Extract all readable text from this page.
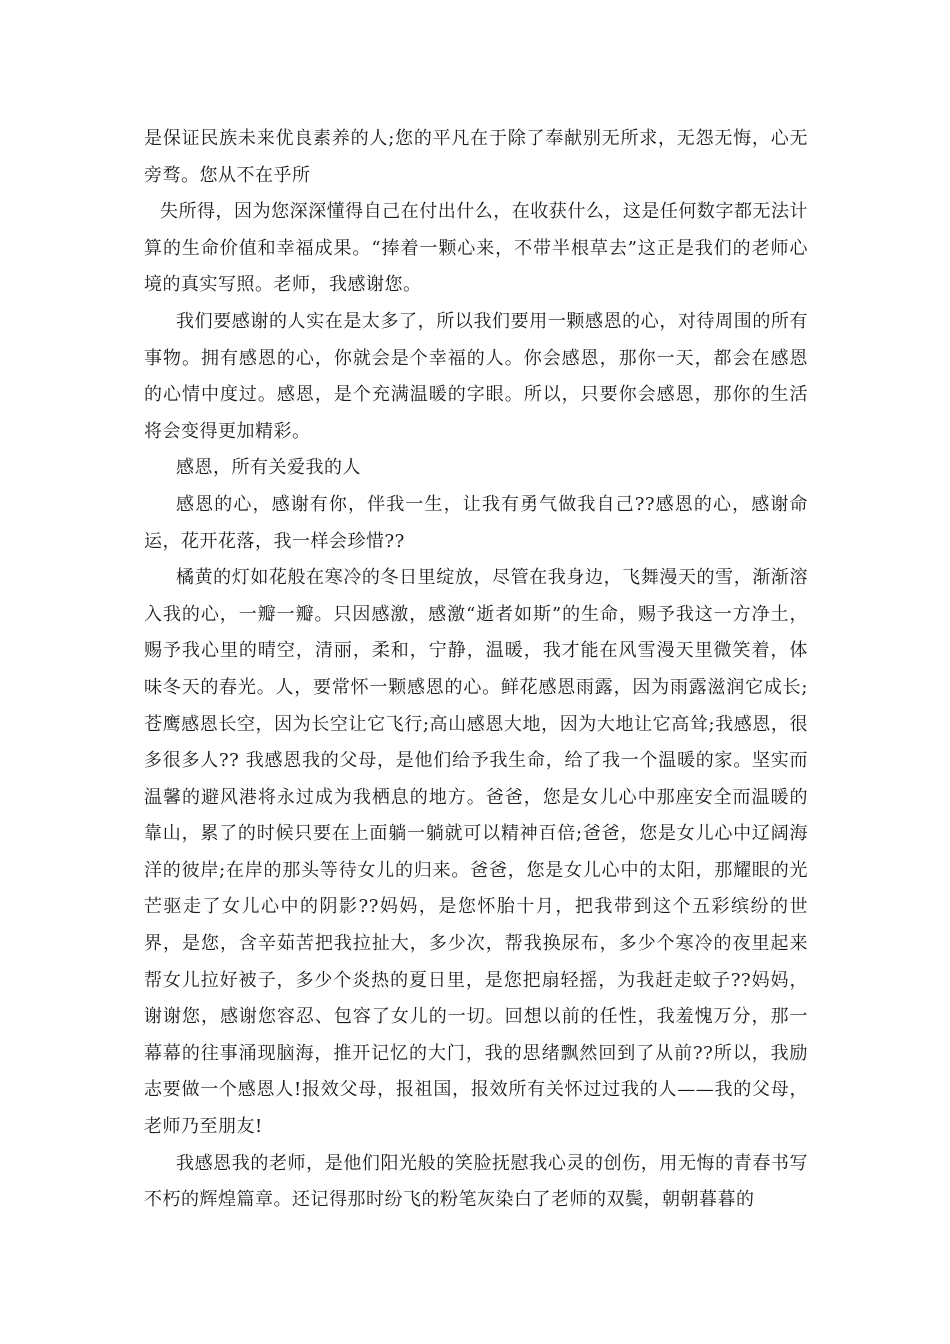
是保证民族未来优良素养的人;您的平凡在于除了奉献别无所求，无怨无悔，心无旁骛。您从不在乎所

失所得，因为您深深懂得自己在付出什么，在收获什么，这是任何数字都无法计算的生命价值和幸福成果。“捧着一颗心来，不带半根草去”这正是我们的老师心境的真实写照。老师，我感谢您。

我们要感谢的人实在是太多了，所以我们要用一颗感恩的心，对待周围的所有事物。拥有感恩的心，你就会是个幸福的人。你会感恩，那你一天，都会在感恩的心情中度过。感恩，是个充满温暖的字眼。所以，只要你会感恩，那你的生活将会变得更加精彩。

感恩，所有关爱我的人

感恩的心，感谢有你，伴我一生，让我有勇气做我自己??感恩的心，感谢命运，花开花落，我一样会珍惜??

橘黄的灯如花般在寒冷的冬日里绽放，尽管在我身边，飞舞漫天的雪，渐渐溶入我的心，一瓣一瓣。只因感激，感激“逝者如斯”的生命，赐予我这一方净土，赐予我心里的晴空，清丽，柔和，宁静，温暖，我才能在风雪漫天里微笑着，体味冬天的春光。人，要常怀一颗感恩的心。鲜花感恩雨露，因为雨露滋润它成长;苍鹰感恩长空，因为长空让它飞行;高山感恩大地，因为大地让它高耸;我感恩，很多很多人?? 我感恩我的父母，是他们给予我生命，给了我一个温暖的家。坚实而温馨的避风港将永过成为我栖息的地方。爸爸，您是女儿心中那座安全而温暖的靠山，累了的时候只要在上面躺一躺就可以精神百倍;爸爸，您是女儿心中辽阔海洋的彼岸;在岸的那头等待女儿的归来。爸爸，您是女儿心中的太阳，那耀眼的光芒驱走了女儿心中的阴影??妈妈，是您怀胎十月，把我带到这个五彩缤纷的世界，是您，含辛茹苦把我拉扯大，多少次，帮我换尿布，多少个寒冷的夜里起来帮女儿拉好被子，多少个炎热的夏日里，是您把扇轻摇，为我赶走蚊子??妈妈，谢谢您，感谢您容忍、包容了女儿的一切。回想以前的任性，我羞愧万分，那一幕幕的往事涌现脑海，推开记忆的大门，我的思绪飘然回到了从前??所以，我励志要做一个感恩人!报效父母，报祖国，报效所有关怀过过我的人——我的父母，老师乃至朋友!

我感恩我的老师，是他们阳光般的笑脸抚慰我心灵的创伤，用无悔的青春书写不朽的辉煌篇章。还记得那时纷飞的粉笔灰染白了老师的双鬓，朝朝暮暮的
